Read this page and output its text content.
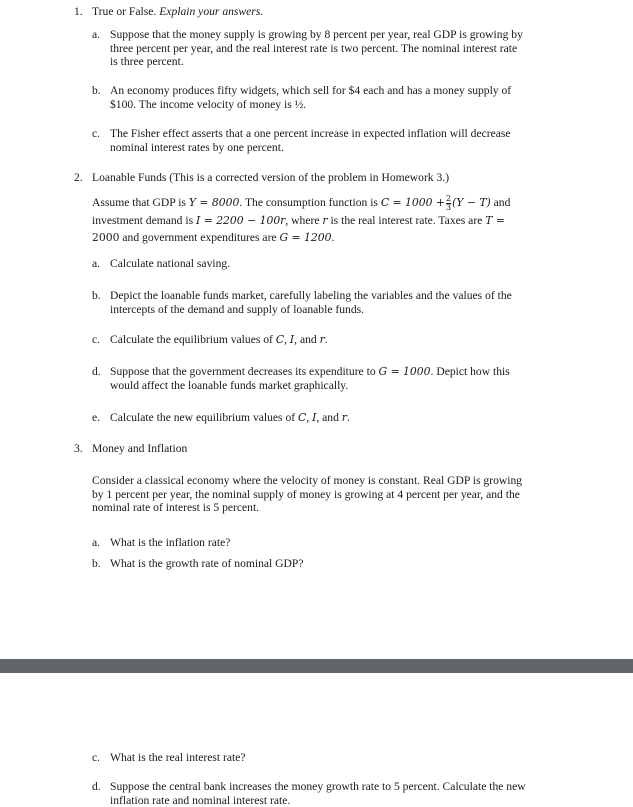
1. True or False. Explain your answers.
a. Suppose that the money supply is growing by 8 percent per year, real GDP is growing by
three percent per year, and the real interest rate is two percent. The nominal interest rate
is three percent.
b. An economy produces fifty widgets, which sell for $4 each and has a money supply of
$100. The income velocity of money is ½.
c. The Fisher effect asserts that a one percent increase in expected inflation will decrease
nominal interest rates by one percent.
2. Loanable Funds (This is a corrected version of the problem in Homework 3.)
Assume that GDP is Y = 8000. The consumption function is $C = 1000 + \frac{2}{3} (Y - T)$ and
investment demand is I = 2200 − 100r, where r is the real interest rate. Taxes are T =
2000 and government expenditures are G = 1200.
a. Calculate national saving.
b. Depict the loanable funds market, carefully labeling the variables and the values of the
intercepts of the demand and supply of loanable funds.
c. Calculate the equilibrium values of C, I, and r.
d. Suppose that the government decreases its expenditure to G = 1000. Depict how this
would affect the loanable funds market graphically.
e. Calculate the new equilibrium values of C, I, and r.
3. Money and Inflation
Consider a classical economy where the velocity of money is constant. Real GDP is growing
by 1 percent per year, the nominal supply of money is growing at 4 percent per year, and the
nominal rate of interest is 5 percent.
a. What is the inflation rate?
b. What is the growth rate of nominal GDP?
c. What is the real interest rate?
d. Suppose the central bank increases the money growth rate to 5 percent. Calculate the new
inflation rate and nominal interest rate.
